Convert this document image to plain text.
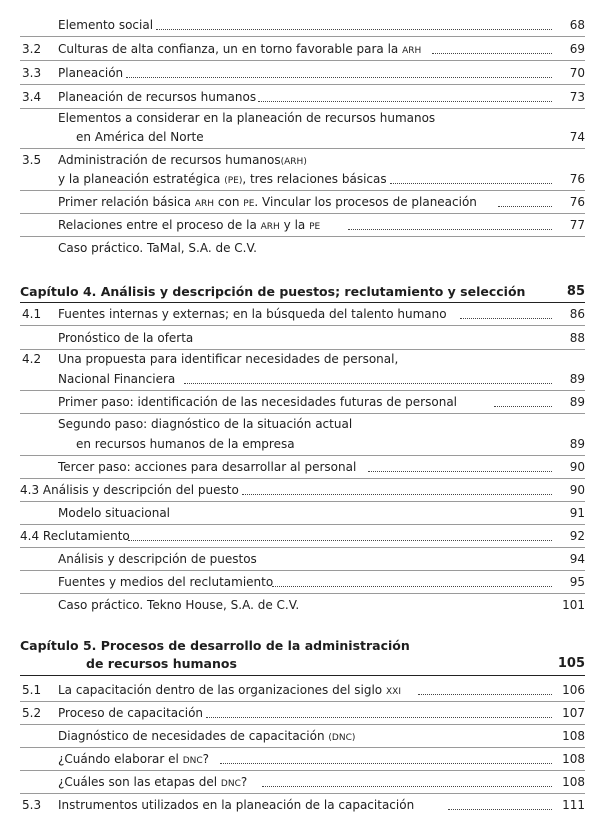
Elemento social	68
3.2 Culturas de alta confianza, un en torno favorable para la ARH	69
3.3 Planeación	70
3.4 Planeación de recursos humanos	73
Elementos a considerar en la planeación de recursos humanos
en América del Norte	74
3.5 Administración de recursos humanos(ARH)
y la planeación estratégica (PE), tres relaciones básicas	76
Primer relación básica ARH con PE. Vincular los procesos de planeación	76
Relaciones entre el proceso de la ARH y la PE	77
Caso práctico. TaMal, S.A. de C.V.
Capítulo 4. Análisis y descripción de puestos; reclutamiento y selección	85
4.1 Fuentes internas y externas; en la búsqueda del talento humano	86
Pronóstico de la oferta	88
4.2 Una propuesta para identificar necesidades de personal,
Nacional Financiera	89
Primer paso: identificación de las necesidades futuras de personal	89
Segundo paso: diagnóstico de la situación actual
en recursos humanos de la empresa	89
Tercer paso: acciones para desarrollar al personal	90
4.3 Análisis y descripción del puesto	90
Modelo situacional	91
4.4 Reclutamiento	92
Análisis y descripción de puestos	94
Fuentes y medios del reclutamiento	95
Caso práctico. Tekno House, S.A. de C.V.	101
Capítulo 5. Procesos de desarrollo de la administración
de recursos humanos	105
5.1 La capacitación dentro de las organizaciones del siglo XXI	106
5.2 Proceso de capacitación	107
Diagnóstico de necesidades de capacitación (DNC)	108
¿Cuándo elaborar el DNC?	108
¿Cuáles son las etapas del DNC?	108
5.3 Instrumentos utilizados en la planeación de la capacitación	111
